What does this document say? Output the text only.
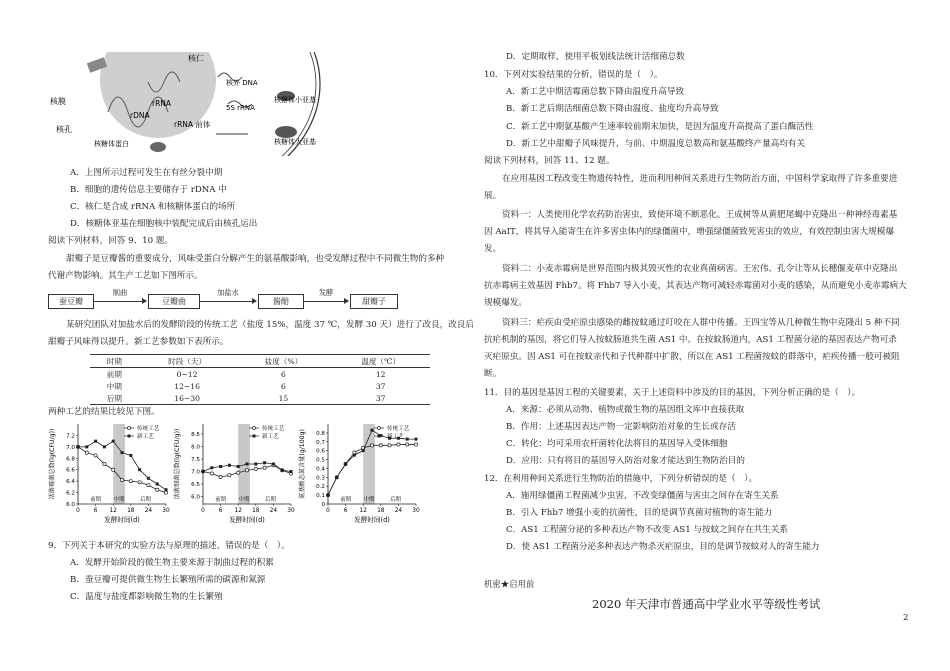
核膜
核仁
核孔
核外 DNA
5S rRNA
核糖体小亚基
rDNA
rRNA 前体
核糖体蛋白	核糖体大亚基
rRNA
A．上图所示过程可发生在有丝分裂中期
B．细胞的遗传信息主要储存于 rDNA 中
C．核仁是合成 rRNA 和核糖体蛋白的场所
D．核糖体亚基在细胞核中装配完成后由核孔运出
阅读下列材料，回答 9、10 题。
甜瓣子是豆瓣酱的重要成分，风味受蛋白分解产生的氨基酸影响，也受发酵过程中不同微生物的多种
代谢产物影响。其生产工艺如下图所示。
蚕豆瓣
制曲
豆瓣曲
加盐水
酱醅
发酵
甜瓣子
某研究团队对加盐水后的发酵阶段的传统工艺（盐度 15%，温度 37 ℃，发酵 30 天）进行了改良，改良后
甜瓣子风味得以提升。新工艺参数如下表所示。
时期	时段（天）	盐度（%）	温度（℃）
前期	0~12	6	12
中期	12~16	6	37
后期	16~30	15	37
两种工艺的结果比较见下图。
6.0
6.2
6.4
6.6
6.8
7.0
7.2
0 6 12 18 24 30
前期 中期	后期
发酵时间(d)
活菌霉菌总数(lg(CFU/g))	传统工艺
新工艺
6.0
6.5
7.0
7.5
8.0
8.5
0 6 12 18 24 30
前期 中期	后期
发酵时间(d)
活菌细菌总数(lg(CFU/g))	传统工艺
新工艺
0
0.1
0.2
0.3
0.4
0.5
0.6
0.7
0.8
0 6 12 18 24 30
前期 中期	后期
发酵时间(d)
氨基酸态氮含量(g/100g)
传统工艺
新工艺
9．下列关于本研究的实验方法与原理的描述，错误的是（　）。
A．发酵开始阶段的微生物主要来源于制曲过程的积累
B．蚕豆瓣可提供微生物生长繁殖所需的碳源和氮源
C．温度与盐度都影响微生物的生长繁殖
D．定期取样，使用平板划线法统计活细菌总数
10．下列对实验结果的分析，错误的是（　）。
A．新工艺中期活霉菌总数下降由温度升高导致
B．新工艺后期活细菌总数下降由温度、盐度均升高导致
C．新工艺中期氨基酸产生速率较前期末加快，是因为温度升高提高了蛋白酶活性
D．新工艺中甜瓣子风味提升，与前、中期温度总数高和氨基酸终产量高均有关
阅读下列材料，回答 11、12 题。
在应用基因工程改变生物遗传特性，进而利用种间关系进行生物防治方面，中国科学家取得了许多重要进
展。
资料一：人类使用化学农药防治害虫，致使环境不断恶化。王成树等从黄肥尾蝎中克隆出一种神经毒素基
因 AaIT，将其导入能寄生在许多害虫体内的绿僵菌中，增强绿僵菌致死害虫的效应，有效控制虫害大规模爆
发。
资料二：小麦赤霉病是世界范围内极其毁灭性的农业真菌病害。王宏伟、孔令让等从长穗偃麦草中克隆出
抗赤霉病主效基因 Fhb7。将 Fhb7 导入小麦，其表达产物可减轻赤霉菌对小麦的感染，从而避免小麦赤霉病大
规模爆发。
资料三：疟疾由受疟原虫感染的雌按蚊通过叮咬在人群中传播。王四宝等从几种微生物中克隆出 5 种不同
抗疟机制的基因，将它们导入按蚊肠道共生菌 AS1 中。在按蚊肠道内，AS1 工程菌分泌的基因表达产物可杀
灭疟原虫。因 AS1 可在按蚊亲代和子代种群中扩散，所以在 AS1 工程菌按蚊的群落中，疟疾传播一般可被阻
断。
11．目的基因是基因工程的关键要素，关于上述资料中涉及的目的基因，下列分析正确的是（　）。
A．来源：必须从动物、植物或微生物的基因组文库中直接获取
B．作用：上述基因表达产物一定影响防治对象的生长或存活
C．转化：均可采用农杆菌转化法将目的基因导入受体细胞
D．应用：只有将目的基因导入防治对象才能达到生物防治目的
12．在利用种间关系进行生物防治的措施中，下列分析错误的是（　）。
A．施用绿僵菌工程菌减少虫害，不改变绿僵菌与害虫之间存在寄生关系
B．引入 Fhb7 增强小麦的抗菌性，目的是调节真菌对植物的寄生能力
C．AS1 工程菌分泌的多种表达产物不改变 AS1 与按蚊之间存在共生关系
D．使 AS1 工程菌分泌多种表达产物杀灭疟原虫，目的是调节按蚊对人的寄生能力
机密★启用前
2020 年天津市普通高中学业水平等级性考试
2
